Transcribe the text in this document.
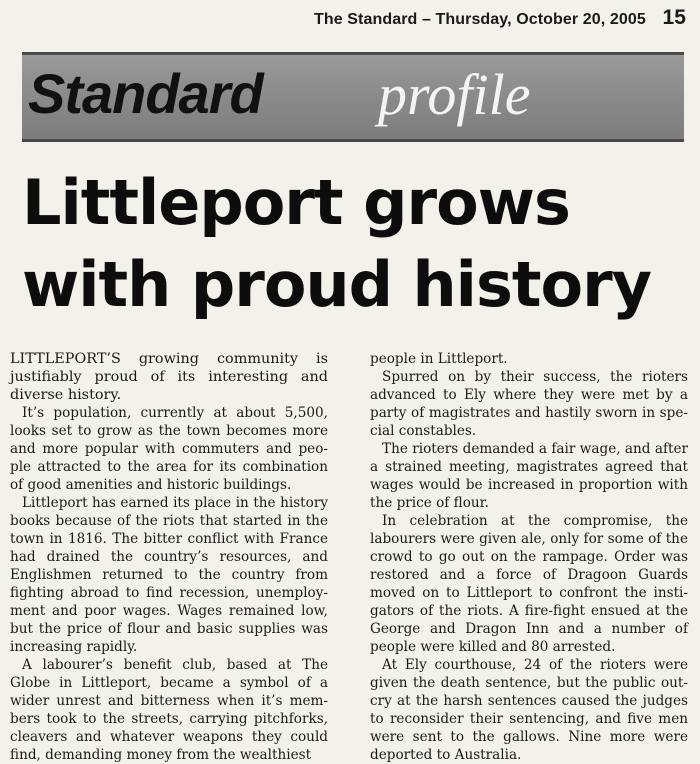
The Standard – Thursday, October 20, 2005 15
Standard profile
Littleport grows
with proud history

LITTLEPORT’S growing community is justifiably proud of its interesting and diverse history.

It’s population, currently at about 5,500, looks set to grow as the town becomes more and more popular with commuters and peo-ple attracted to the area for its combination of good amenities and historic buildings.

Littleport has earned its place in the history books because of the riots that started in the town in 1816. The bitter conflict with France had drained the country’s resources, and Englishmen returned to the country from fighting abroad to find recession, unemploy-ment and poor wages. Wages remained low, but the price of flour and basic supplies was increasing rapidly.

A labourer’s benefit club, based at The Globe in Littleport, became a symbol of a wider unrest and bitterness when it’s mem-bers took to the streets, carrying pitchforks, cleavers and whatever weapons they could find, demanding money from the wealthiest

people in Littleport.

Spurred on by their success, the rioters advanced to Ely where they were met by a party of magistrates and hastily sworn in spe-cial constables.

The rioters demanded a fair wage, and after a strained meeting, magistrates agreed that wages would be increased in proportion with the price of flour.

In celebration at the compromise, the labourers were given ale, only for some of the crowd to go out on the rampage. Order was restored and a force of Dragoon Guards moved on to Littleport to confront the insti-gators of the riots. A fire-fight ensued at the George and Dragon Inn and a number of people were killed and 80 arrested.

At Ely courthouse, 24 of the rioters were given the death sentence, but the public out-cry at the harsh sentences caused the judges to reconsider their sentencing, and five men were sent to the gallows. Nine more were deported to Australia.
